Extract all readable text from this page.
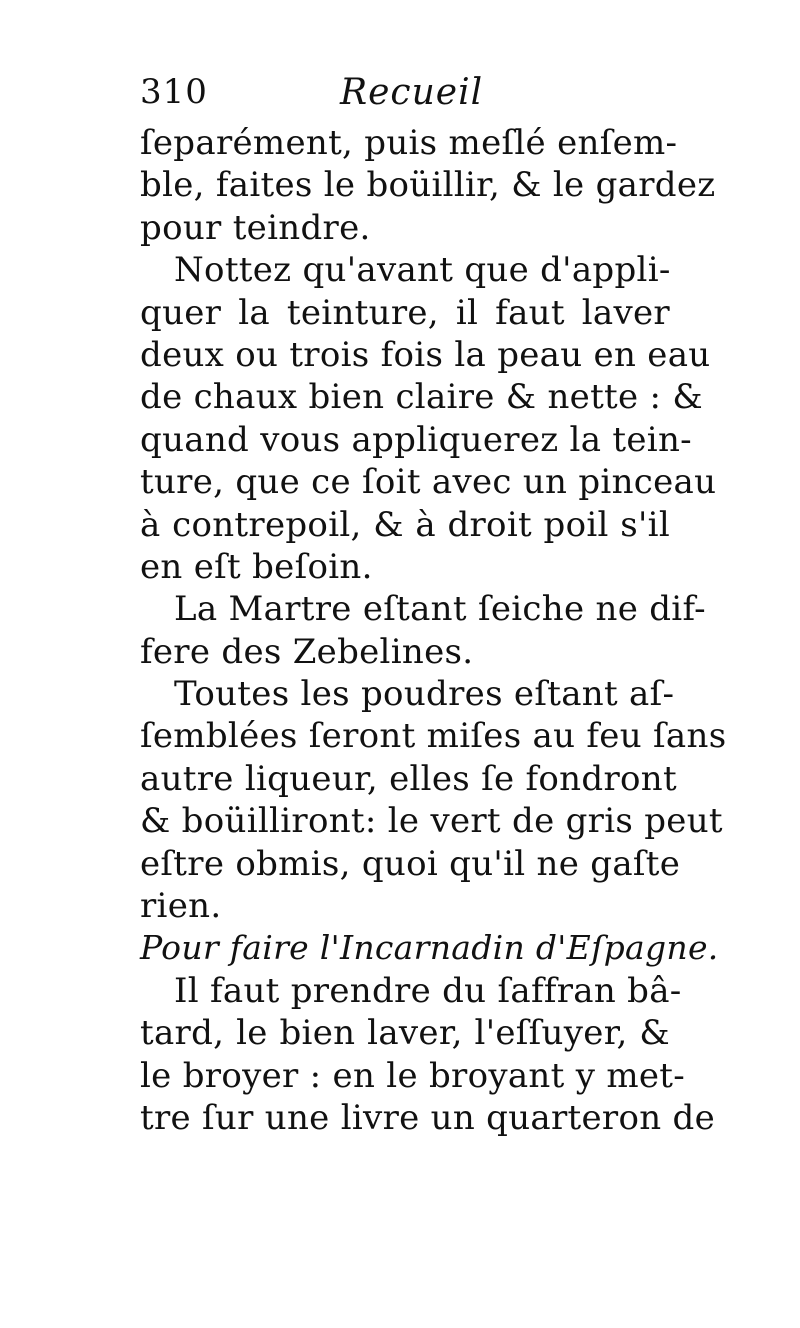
310	Recueil
ſeparément, puis meſlé enſem-
ble, faites le boüillir, & le gardez
pour teindre.
Nottez qu'avant que d'appli-
quer la teinture, il faut laver
deux ou trois fois la peau en eau
de chaux bien claire & nette : &
quand vous appliquerez la tein-
ture, que ce ſoit avec un pinceau
à contrepoil, & à droit poil s'il
en eſt beſoin.
La Martre eſtant ſeiche ne dif-
fere des Zebelines.
Toutes les poudres eſtant aſ-
ſemblées ſeront miſes au feu ſans
autre liqueur, elles ſe fondront
& boüilliront: le vert de gris peut
eſtre obmis, quoi qu'il ne gaſte
rien.
Pour faire l'Incarnadin d'Eſpagne.
Il faut prendre du ſaffran bâ-
tard, le bien laver, l'eſſuyer, &
le broyer : en le broyant y met-
tre ſur une livre un quarteron de
